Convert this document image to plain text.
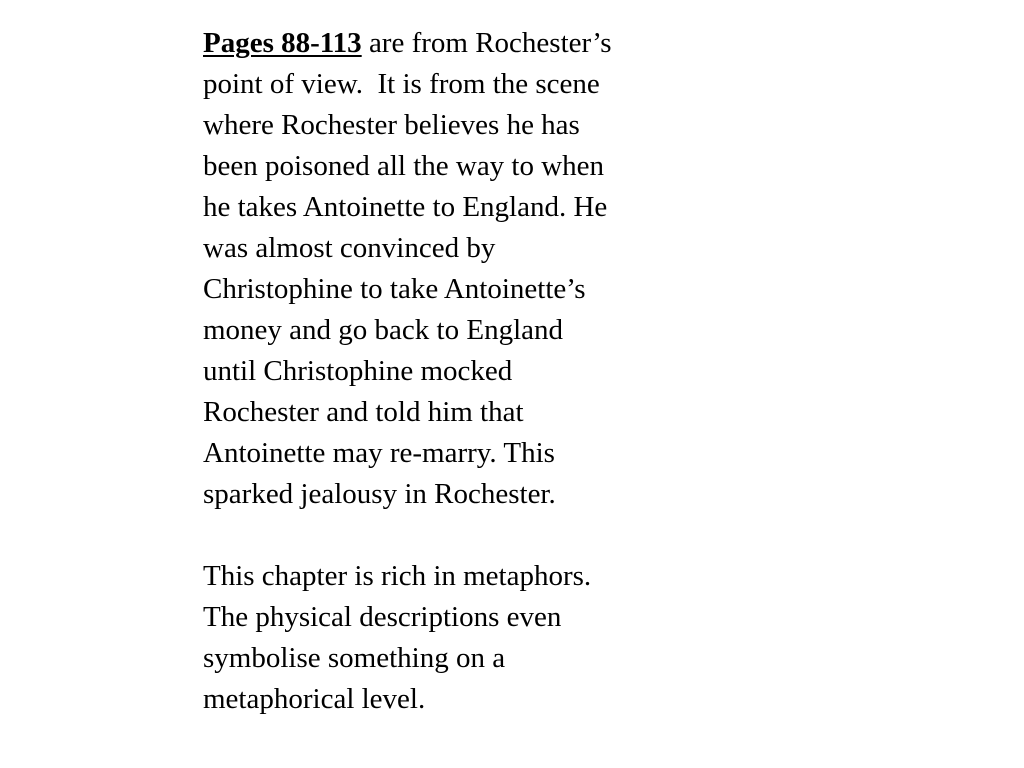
Pages 88-113 are from Rochester’s
point of view.  It is from the scene
where Rochester believes he has
been poisoned all the way to when
he takes Antoinette to England. He
was almost convinced by
Christophine to take Antoinette’s
money and go back to England
until Christophine mocked
Rochester and told him that
Antoinette may re-marry. This
sparked jealousy in Rochester.

This chapter is rich in metaphors.
The physical descriptions even
symbolise something on a
metaphorical level.
